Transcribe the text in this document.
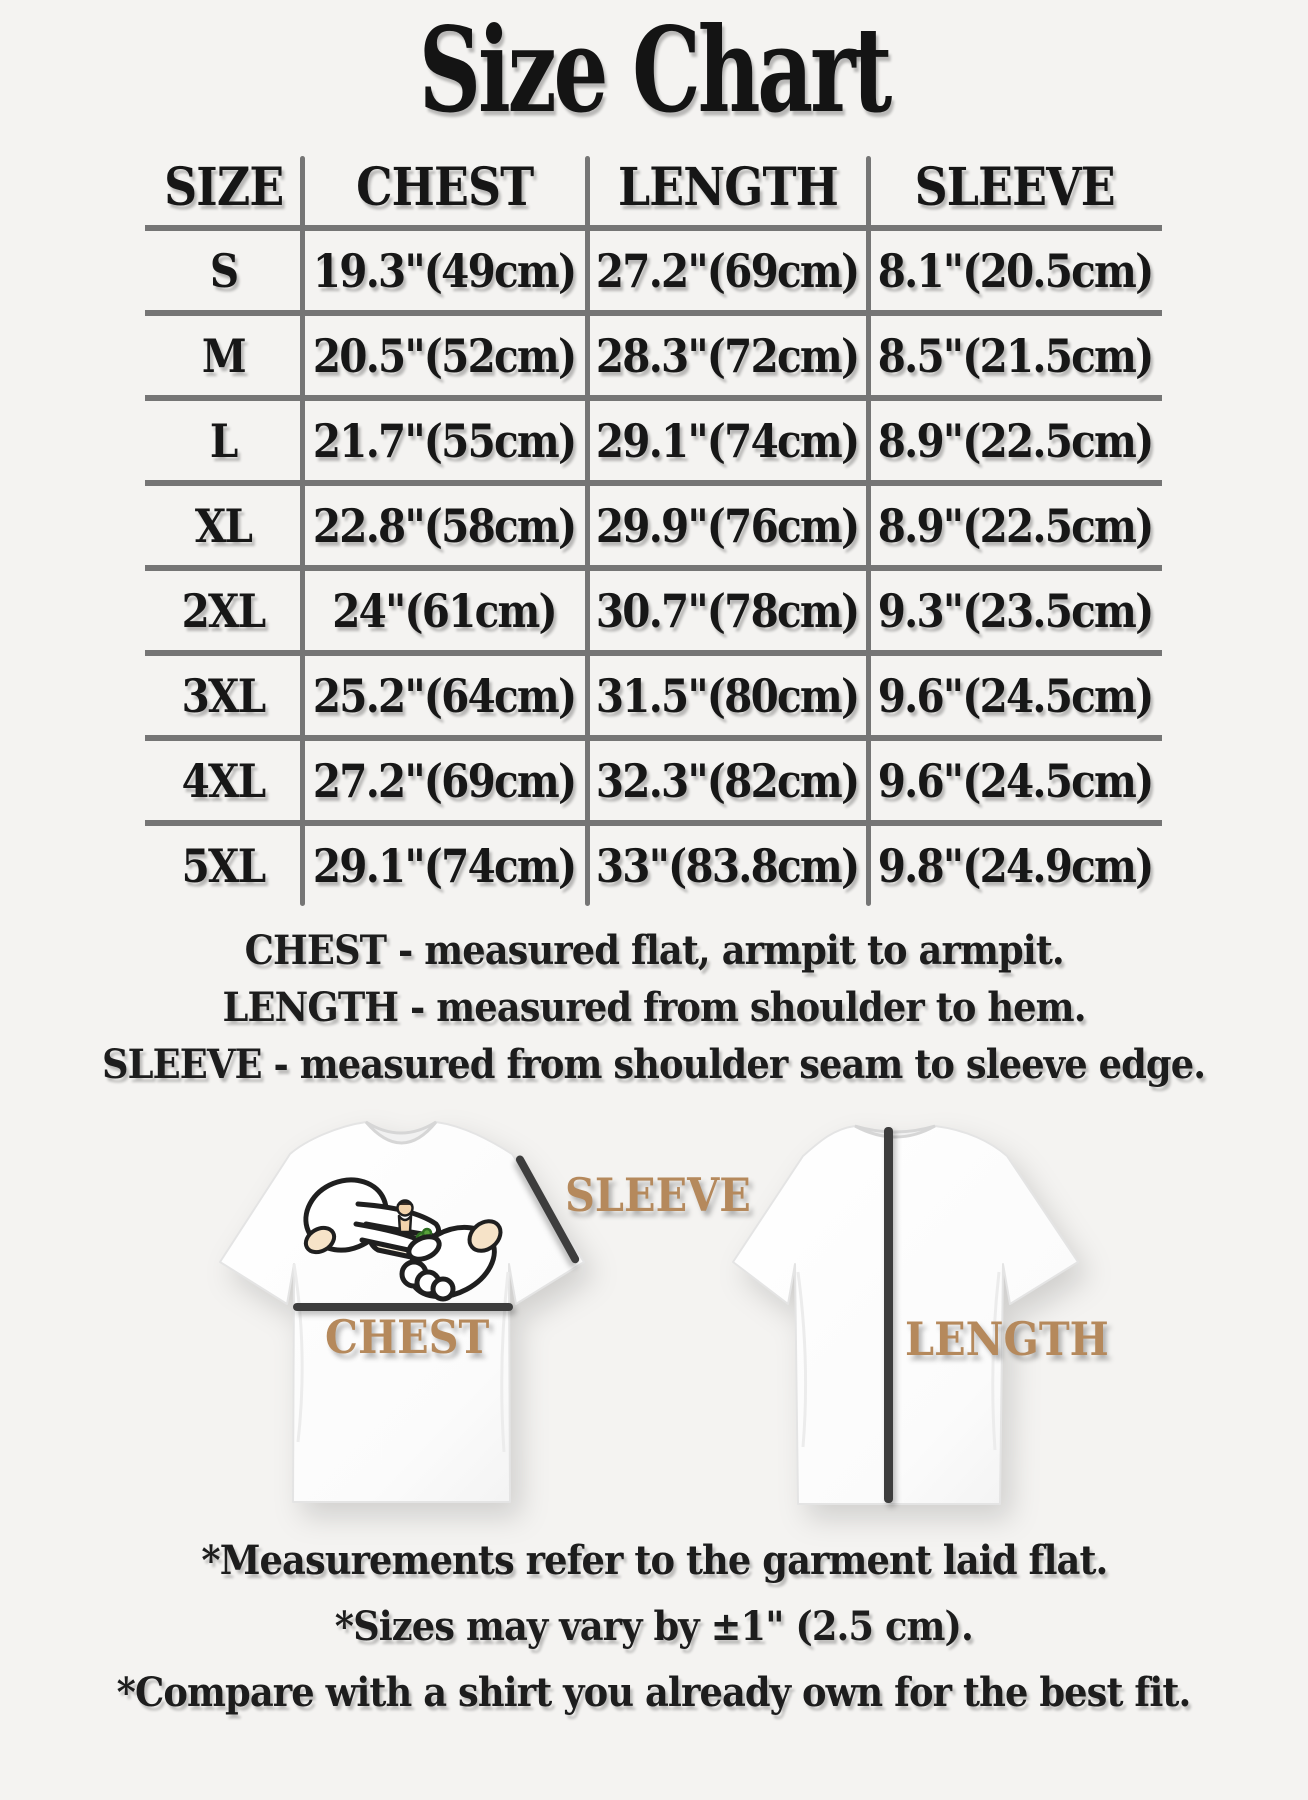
Size Chart
SIZE CHEST LENGTH SLEEVE
S	19.3"(49cm) 27.2"(69cm) 8.1"(20.5cm)
M	20.5"(52cm) 28.3"(72cm) 8.5"(21.5cm)
L	21.7"(55cm) 29.1"(74cm) 8.9"(22.5cm)
XL	22.8"(58cm) 29.9"(76cm) 8.9"(22.5cm)
2XL	24"(61cm) 30.7"(78cm) 9.3"(23.5cm)
3XL	25.2"(64cm) 31.5"(80cm) 9.6"(24.5cm)
4XL	27.2"(69cm) 32.3"(82cm) 9.6"(24.5cm)
5XL	29.1"(74cm) 33"(83.8cm) 9.8"(24.9cm)
CHEST - measured flat, armpit to armpit.
LENGTH - measured from shoulder to hem.
SLEEVE - measured from shoulder seam to sleeve edge.
SLEEVE
CHEST	LENGTH
*Measurements refer to the garment laid flat.
*Sizes may vary by ±1" (2.5 cm).
*Compare with a shirt you already own for the best fit.
